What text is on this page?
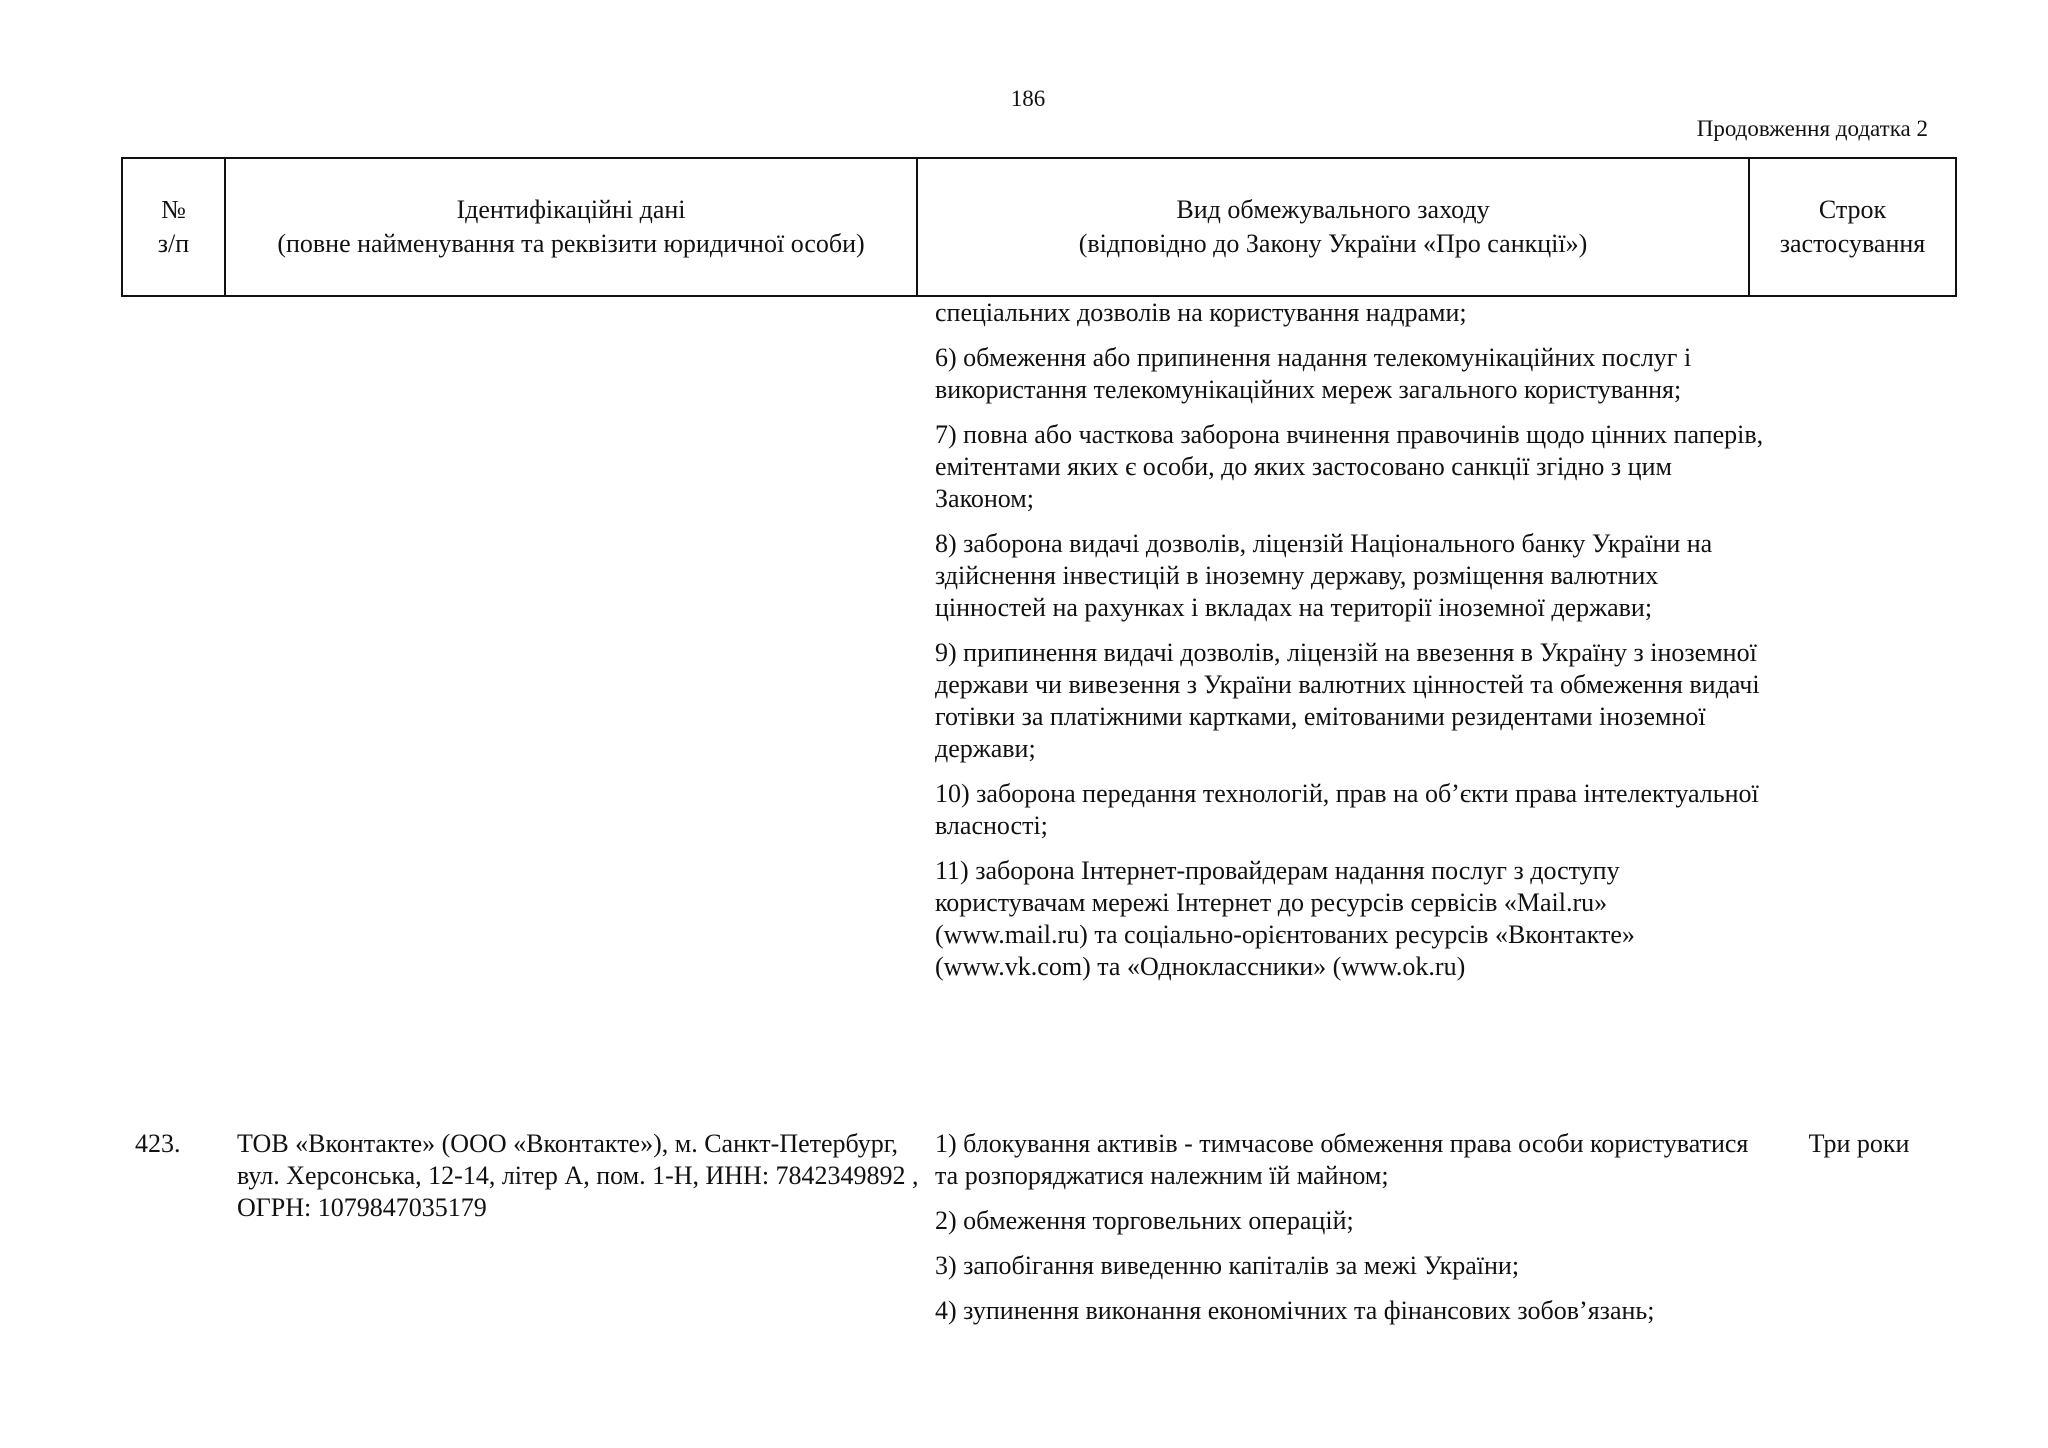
186
Продовження додатка 2
№
з/п
Ідентифікаційні дані
(повне найменування та реквізити юридичної особи)
Вид обмежувального заходу
(відповідно до Закону України «Про санкції»)
Строк
застосування

спеціальних дозволів на користування надрами;

6) обмеження або припинення надання телекомунікаційних послуг і використання телекомунікаційних мереж загального користування;

7) повна або часткова заборона вчинення правочинів щодо цінних паперів, емітентами яких є особи, до яких застосовано санкції згідно з цим Законом;

8) заборона видачі дозволів, ліцензій Національного банку України на здійснення інвестицій в іноземну державу, розміщення валютних цінностей на рахунках і вкладах на території іноземної держави;

9) припинення видачі дозволів, ліцензій на ввезення в Україну з іноземної держави чи вивезення з України валютних цінностей та обмеження видачі готівки за платіжними картками, емітованими резидентами іноземної держави;

10) заборона передання технологій, прав на об’єкти права інтелектуальної власності;

11) заборона Інтернет-провайдерам надання послуг з доступу користувачам мережі Інтернет до ресурсів сервісів «Mail.ru» (www.mail.ru) та соціально-орієнтованих ресурсів «Вконтакте» (www.vk.com) та «Одноклассники» (www.ok.ru)

423. ТОВ «Вконтакте» (ООО «Вконтакте»), м. Санкт-Петербург, вул. Херсонська, 12-14, літер А, пом. 1-Н, ИНН: 7842349892 , ОГРН: 1079847035179

1) блокування активів - тимчасове обмеження права особи користуватися та розпоряджатися належним їй майном;

2) обмеження торговельних операцій;

3) запобігання виведенню капіталів за межі України;

4) зупинення виконання економічних та фінансових зобов’язань;

Три роки
